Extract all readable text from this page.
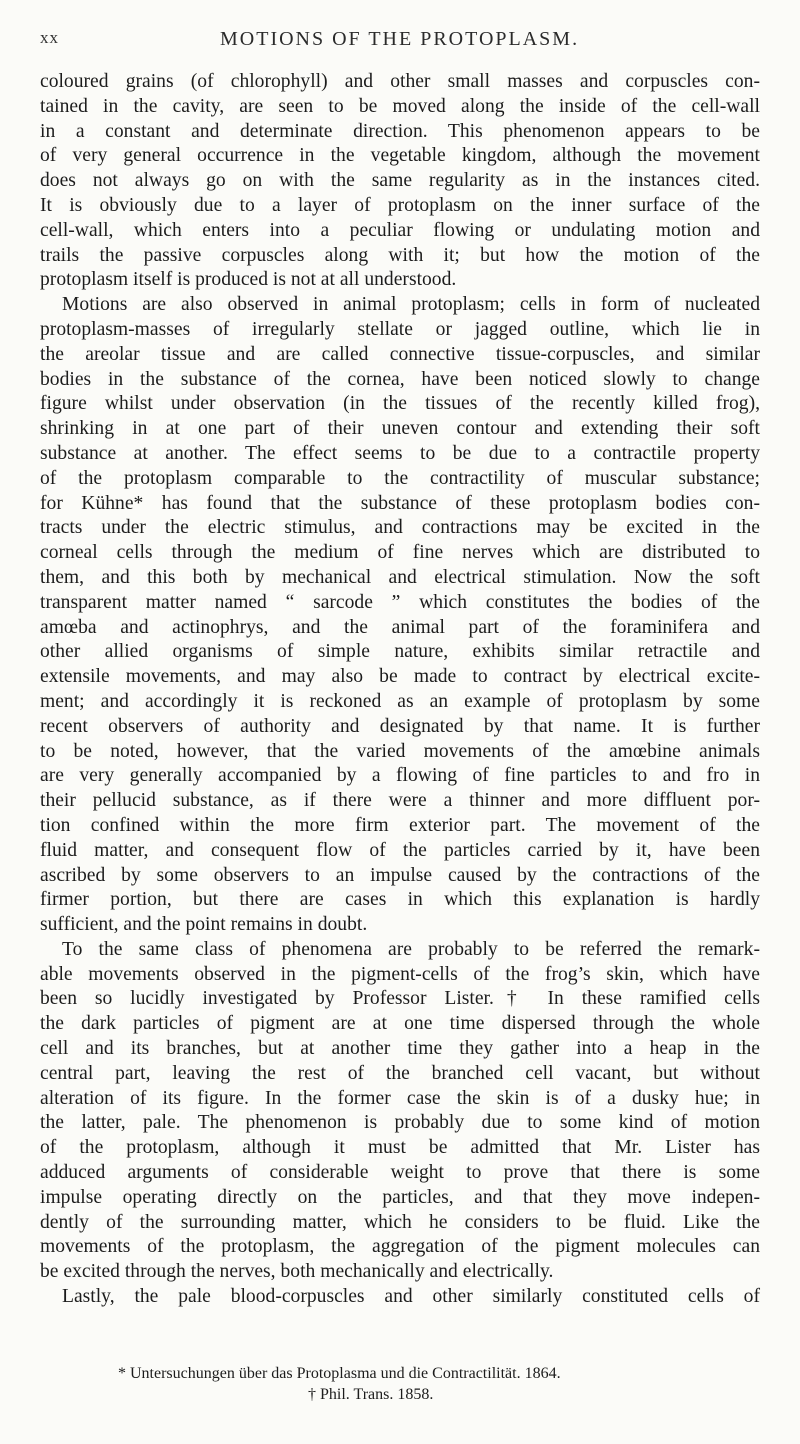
xx	MOTIONS OF THE PROTOPLASM.
coloured grains (of chlorophyll) and other small masses and corpuscles con-
tained in the cavity, are seen to be moved along the inside of the cell-wall
in a constant and determinate direction. This phenomenon appears to be
of very general occurrence in the vegetable kingdom, although the movement
does not always go on with the same regularity as in the instances cited.
It is obviously due to a layer of protoplasm on the inner surface of the
cell-wall, which enters into a peculiar flowing or undulating motion and
trails the passive corpuscles along with it; but how the motion of the
protoplasm itself is produced is not at all understood.
Motions are also observed in animal protoplasm; cells in form of nucleated
protoplasm-masses of irregularly stellate or jagged outline, which lie in
the areolar tissue and are called connective tissue-corpuscles, and similar
bodies in the substance of the cornea, have been noticed slowly to change
figure whilst under observation (in the tissues of the recently killed frog),
shrinking in at one part of their uneven contour and extending their soft
substance at another. The effect seems to be due to a contractile property
of the protoplasm comparable to the contractility of muscular substance;
for Kühne* has found that the substance of these protoplasm bodies con-
tracts under the electric stimulus, and contractions may be excited in the
corneal cells through the medium of fine nerves which are distributed to
them, and this both by mechanical and electrical stimulation. Now the soft
transparent matter named “ sarcode ” which constitutes the bodies of the
amœba and actinophrys, and the animal part of the foraminifera and
other allied organisms of simple nature, exhibits similar retractile and
extensile movements, and may also be made to contract by electrical excite-
ment; and accordingly it is reckoned as an example of protoplasm by some
recent observers of authority and designated by that name. It is further
to be noted, however, that the varied movements of the amœbine animals
are very generally accompanied by a flowing of fine particles to and fro in
their pellucid substance, as if there were a thinner and more diffluent por-
tion confined within the more firm exterior part. The movement of the
fluid matter, and consequent flow of the particles carried by it, have been
ascribed by some observers to an impulse caused by the contractions of the
firmer portion, but there are cases in which this explanation is hardly
sufficient, and the point remains in doubt.
To the same class of phenomena are probably to be referred the remark-
able movements observed in the pigment-cells of the frog’s skin, which have
been so lucidly investigated by Professor Lister.† In these ramified cells
the dark particles of pigment are at one time dispersed through the whole
cell and its branches, but at another time they gather into a heap in the
central part, leaving the rest of the branched cell vacant, but without
alteration of its figure. In the former case the skin is of a dusky hue; in
the latter, pale. The phenomenon is probably due to some kind of motion
of the protoplasm, although it must be admitted that Mr. Lister has
adduced arguments of considerable weight to prove that there is some
impulse operating directly on the particles, and that they move indepen-
dently of the surrounding matter, which he considers to be fluid. Like the
movements of the protoplasm, the aggregation of the pigment molecules can
be excited through the nerves, both mechanically and electrically.
Lastly, the pale blood-corpuscles and other similarly constituted cells of
* Untersuchungen über das Protoplasma und die Contractilität. 1864.
† Phil. Trans. 1858.
